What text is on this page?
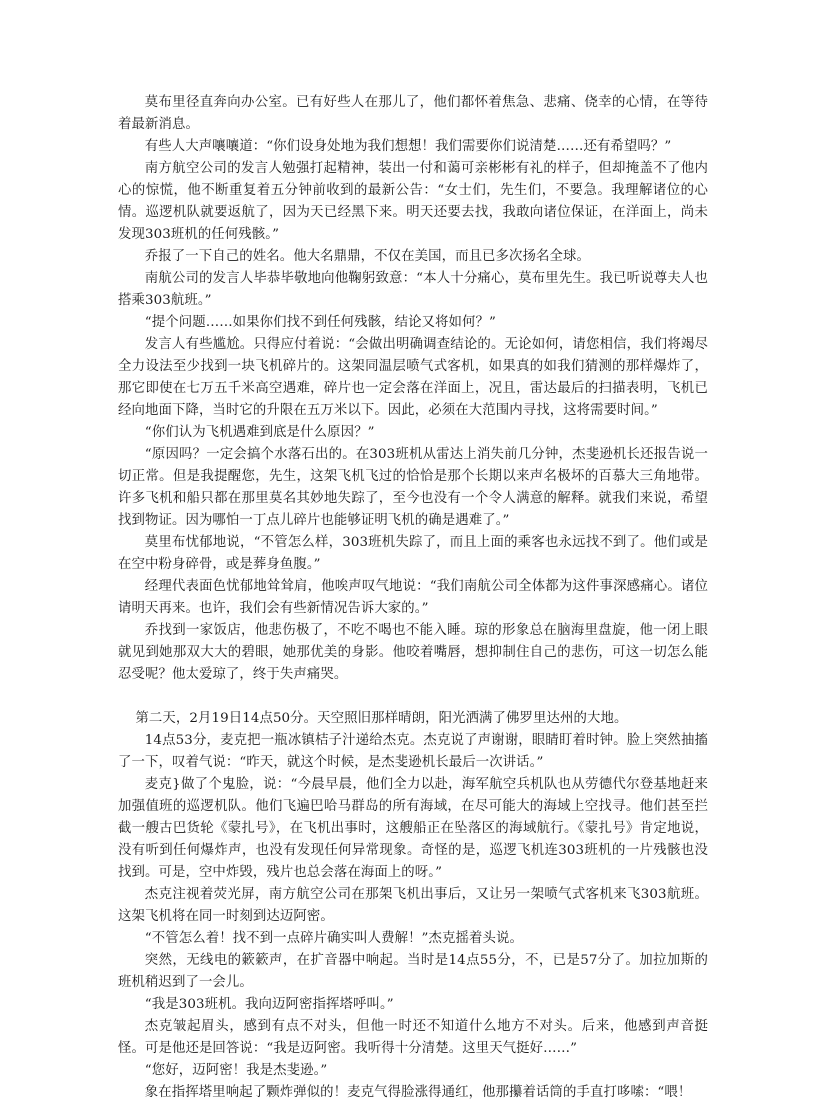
莫布里径直奔向办公室。已有好些人在那儿了，他们都怀着焦急、悲痛、侥幸的心情，在等待着最新消息。

有些人大声嚷嚷道：“你们设身处地为我们想想！我们需要你们说清楚……还有希望吗？”

南方航空公司的发言人勉强打起精神，装出一付和蔼可亲彬彬有礼的样子，但却掩盖不了他内心的惊慌，他不断重复着五分钟前收到的最新公告：“女士们，先生们，不要急。我理解诸位的心情。巡逻机队就要返航了，因为天已经黑下来。明天还要去找，我敢向诸位保证，在洋面上，尚未发现303班机的任何残骸。”

乔报了一下自己的姓名。他大名鼎鼎，不仅在美国，而且已多次扬名全球。

南航公司的发言人毕恭毕敬地向他鞠躬致意：“本人十分痛心，莫布里先生。我已听说尊夫人也搭乘303航班。”

“提个问题……如果你们找不到任何残骸，结论又将如何？”

发言人有些尴尬。只得应付着说：“会做出明确调查结论的。无论如何，请您相信，我们将竭尽全力设法至少找到一块飞机碎片的。这架同温层喷气式客机，如果真的如我们猜测的那样爆炸了，那它即使在七万五千米高空遇难，碎片也一定会落在洋面上，况且，雷达最后的扫描表明，飞机已经向地面下降，当时它的升限在五万米以下。因此，必须在大范围内寻找，这将需要时间。”

“你们认为飞机遇难到底是什么原因？”

“原因吗？一定会搞个水落石出的。在303班机从雷达上消失前几分钟，杰斐逊机长还报告说一切正常。但是我提醒您，先生，这架飞机飞过的恰恰是那个长期以来声名极坏的百慕大三角地带。许多飞机和船只都在那里莫名其妙地失踪了，至今也没有一个令人满意的解释。就我们来说，希望找到物证。因为哪怕一丁点儿碎片也能够证明飞机的确是遇难了。”

莫里布忧郁地说，“不管怎么样，303班机失踪了，而且上面的乘客也永远找不到了。他们或是在空中粉身碎骨，或是葬身鱼腹。”

经理代表面色忧郁地耸耸肩，他唉声叹气地说：“我们南航公司全体都为这件事深感痛心。诸位请明天再来。也许，我们会有些新情况告诉大家的。”

乔找到一家饭店，他悲伤极了，不吃不喝也不能入睡。琼的形象总在脑海里盘旋，他一闭上眼就见到她那双大大的碧眼，她那优美的身影。他咬着嘴唇，想抑制住自己的悲伤，可这一切怎么能忍受呢？他太爱琼了，终于失声痛哭。

第二天，2月19日14点50分。天空照旧那样晴朗，阳光洒满了佛罗里达州的大地。

14点53分，麦克把一瓶冰镇桔子汁递给杰克。杰克说了声谢谢，眼睛盯着时钟。脸上突然抽搐了一下，叹着气说：“昨天，就这个时候，是杰斐逊机长最后一次讲话。”

麦克}做了个鬼脸，说：“今晨早晨，他们全力以赴，海军航空兵机队也从劳德代尔登基地赶来加强值班的巡逻机队。他们飞遍巴哈马群岛的所有海域，在尽可能大的海域上空找寻。他们甚至拦截一艘古巴货轮《蒙扎号》，在飞机出事时，这艘船正在坠落区的海域航行。《蒙扎号》肯定地说，没有听到任何爆炸声，也没有发现任何异常现象。奇怪的是，巡逻飞机连303班机的一片残骸也没找到。可是，空中炸毁，残片也总会落在海面上的呀。”

杰克注视着荧光屏，南方航空公司在那架飞机出事后，又让另一架喷气式客机来飞303航班。这架飞机将在同一时刻到达迈阿密。

“不管怎么着！找不到一点碎片确实叫人费解！”杰克摇着头说。

突然，无线电的簌簌声，在扩音器中响起。当时是14点55分，不，已是57分了。加拉加斯的班机稍迟到了一会儿。

“我是303班机。我向迈阿密指挥塔呼叫。”

杰克皱起眉头，感到有点不对头，但他一时还不知道什么地方不对头。后来，他感到声音挺怪。可是他还是回答说：“我是迈阿密。我听得十分清楚。这里天气挺好……”

“您好，迈阿密！我是杰斐逊。”

象在指挥塔里响起了颗炸弹似的！麦克气得脸涨得通红，他那攥着话筒的手直打哆嗦：“喂！
